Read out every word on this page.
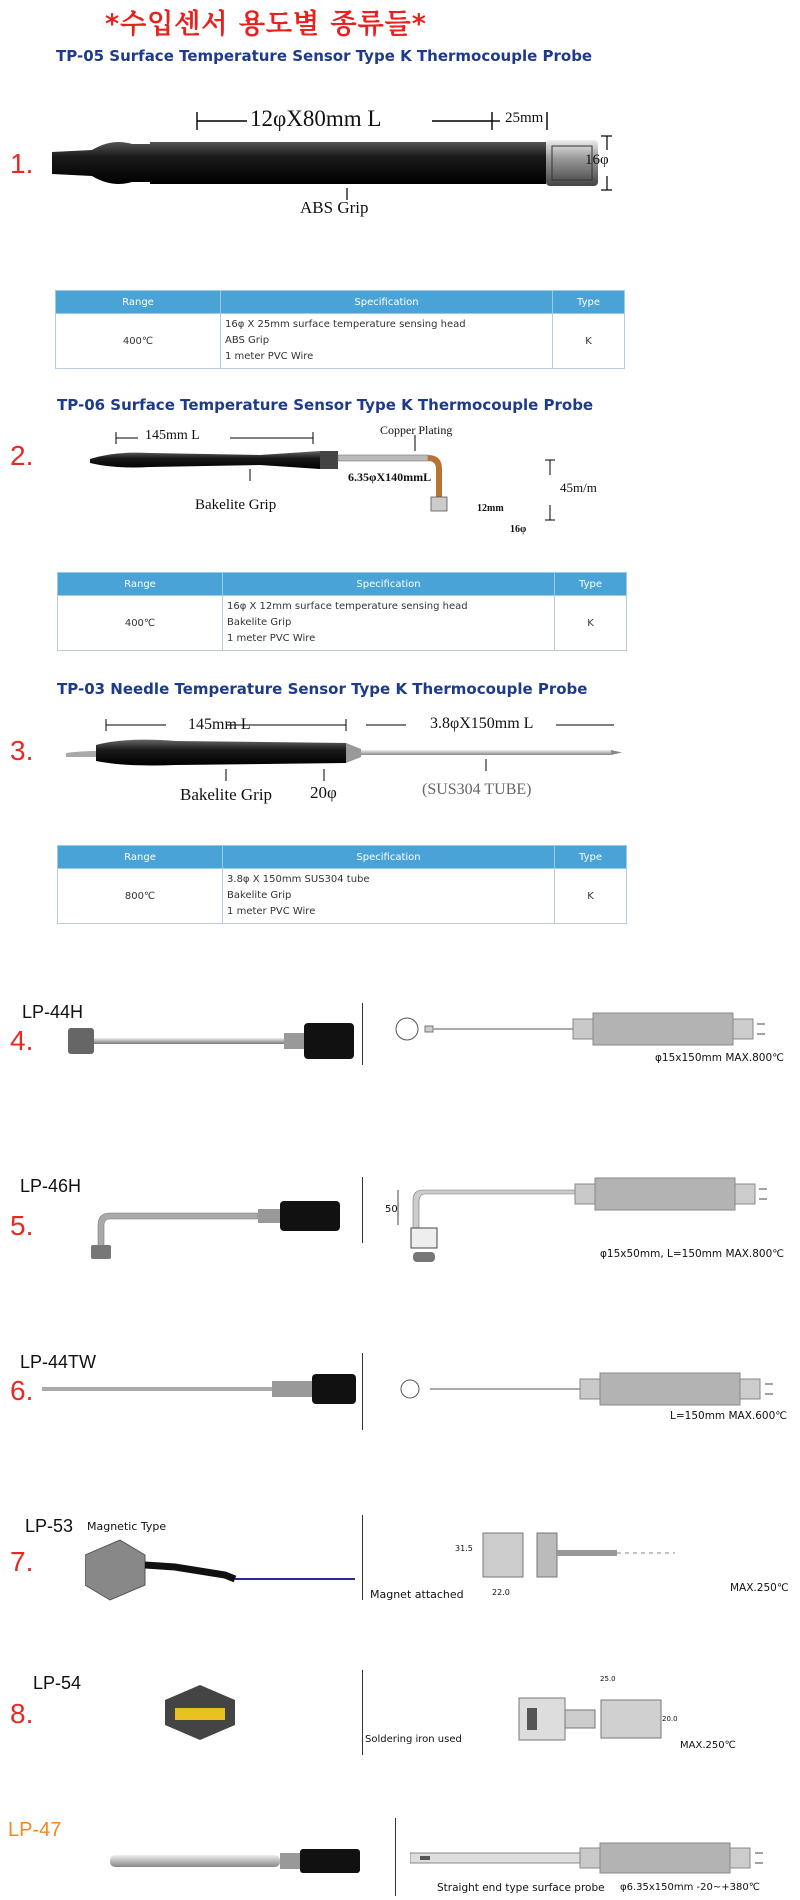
*수입센서 용도별 종류들*
TP-05 Surface Temperature Sensor Type K Thermocouple Probe
1.
12φX80mm L	25mm
16φ
ABS Grip
Range	Specification	Type
400℃	16φ X 25mm surface temperature sensing head
ABS Grip
1 meter PVC Wire	K
TP-06 Surface Temperature Sensor Type K Thermocouple Probe
2.
145mm L	Copper Plating
6.35φX140mmL
45m/m
12mm
16φ
Bakelite Grip
Range	Specification	Type
400℃	16φ X 12mm surface temperature sensing head
Bakelite Grip
1 meter PVC Wire	K
TP-03 Needle Temperature Sensor Type K Thermocouple Probe
3.
145mm L	3.8φX150mm L
Bakelite Grip 20φ	(SUS304 TUBE)
Range	Specification	Type
800℃	3.8φ X 150mm SUS304 tube
Bakelite Grip
1 meter PVC Wire	K
LP-44H
4.
φ15x150mm MAX.800℃
LP-46H
5.
50
φ15x50mm, L=150mm MAX.800℃
LP-44TW
6.
L=150mm MAX.600℃
LP-53 Magnetic Type
7.	31.5
22.0
Magnet attached	MAX.250℃
LP-54
8.
Soldering iron used
25.0
20.0
MAX.250℃
LP-47
Straight end type surface probe φ6.35x150mm -20~+380℃
